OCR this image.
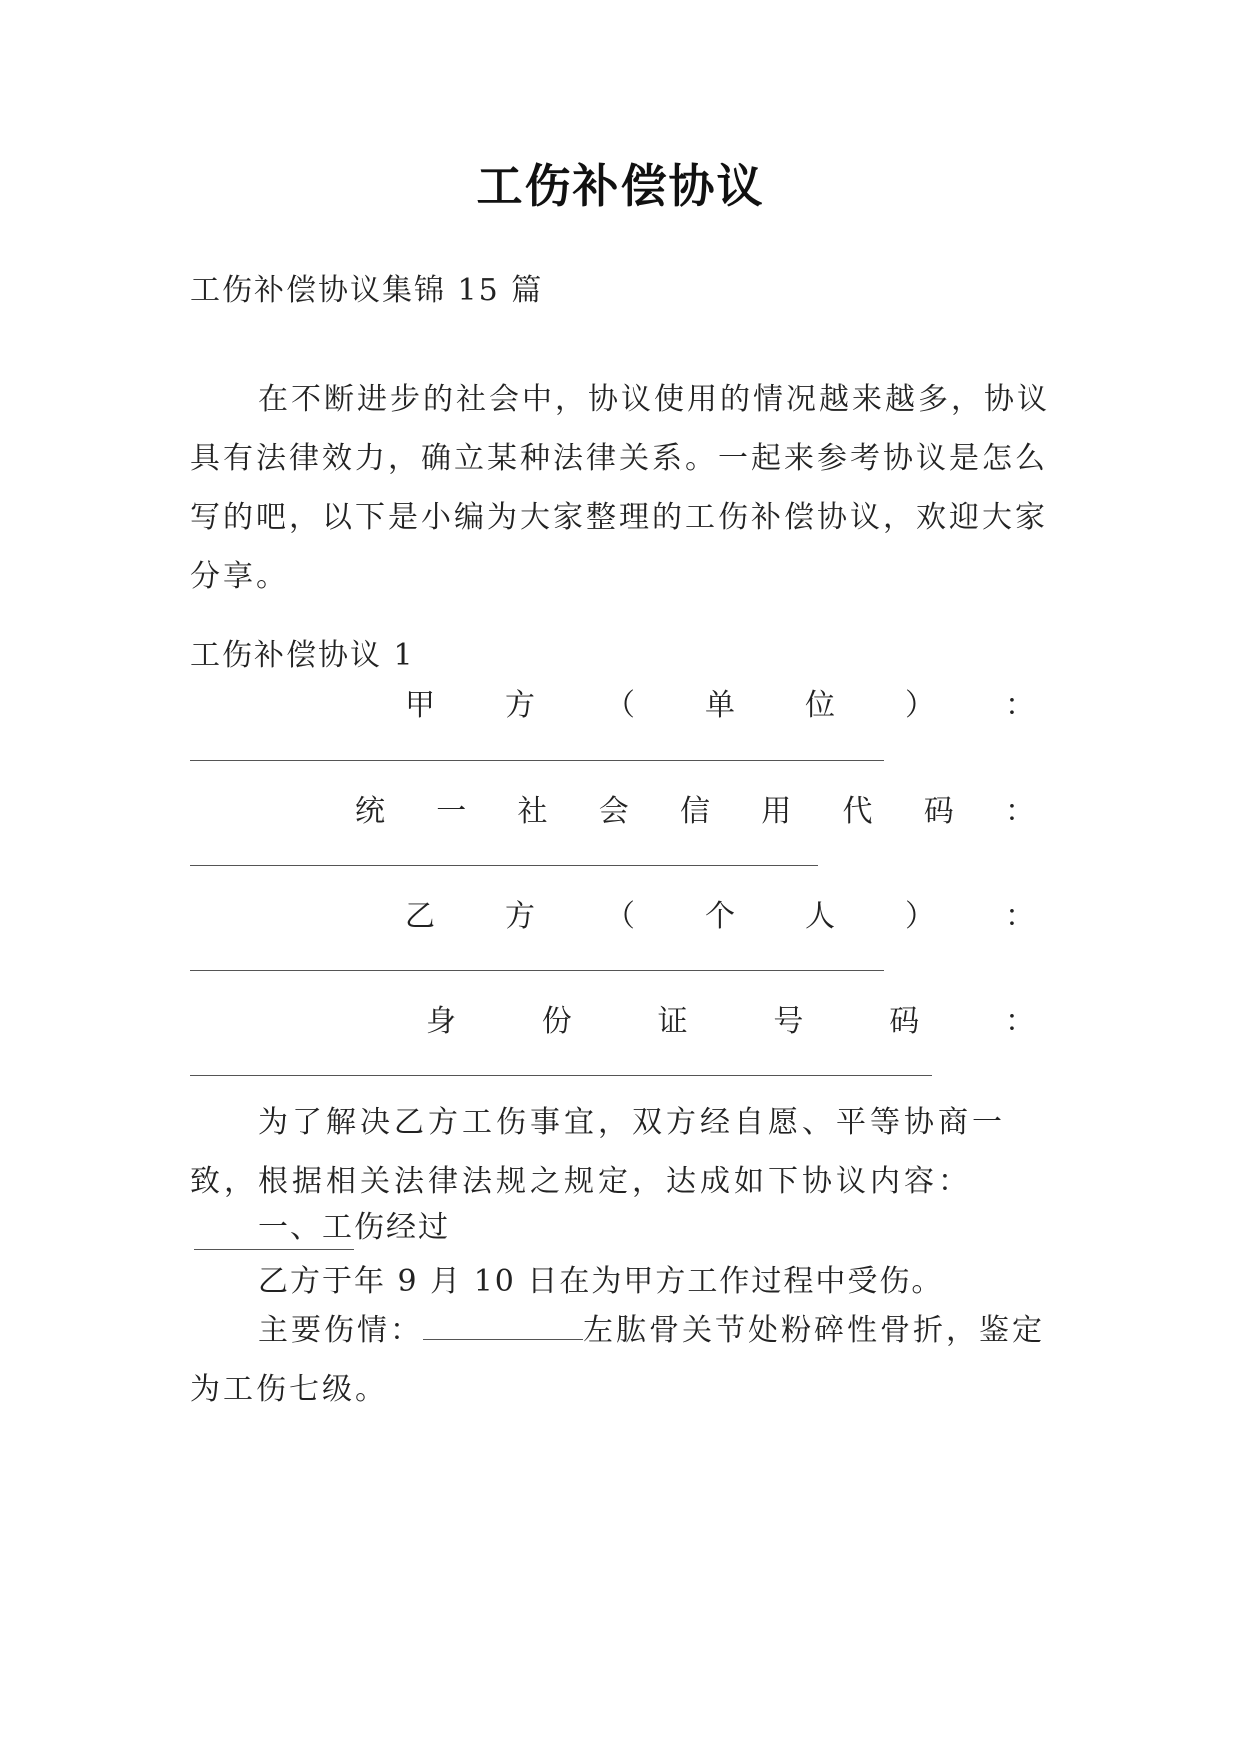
工伤补偿协议
工伤补偿协议集锦 15 篇
在不断进步的社会中，协议使用的情况越来越多，协议具有法律效力，确立某种法律关系。一起来参考协议是怎么写的吧，以下是小编为大家整理的工伤补偿协议，欢迎大家分享。
工伤补偿协议 1
甲 方 （ 单 位 ） ：
统 一 社 会 信 用 代 码 ：
乙 方 （ 个 人 ） ：
身	份	证	号	码	：
为了解决乙方工伤事宜，双方经自愿、平等协商一致，根据相关法律法规之规定，达成如下协议内容：
一、工伤经过
乙方于年 9 月 10 日在为甲方工作过程中受伤。
主要伤情：	左肱骨关节处粉碎性骨折，鉴定为工伤七级。
